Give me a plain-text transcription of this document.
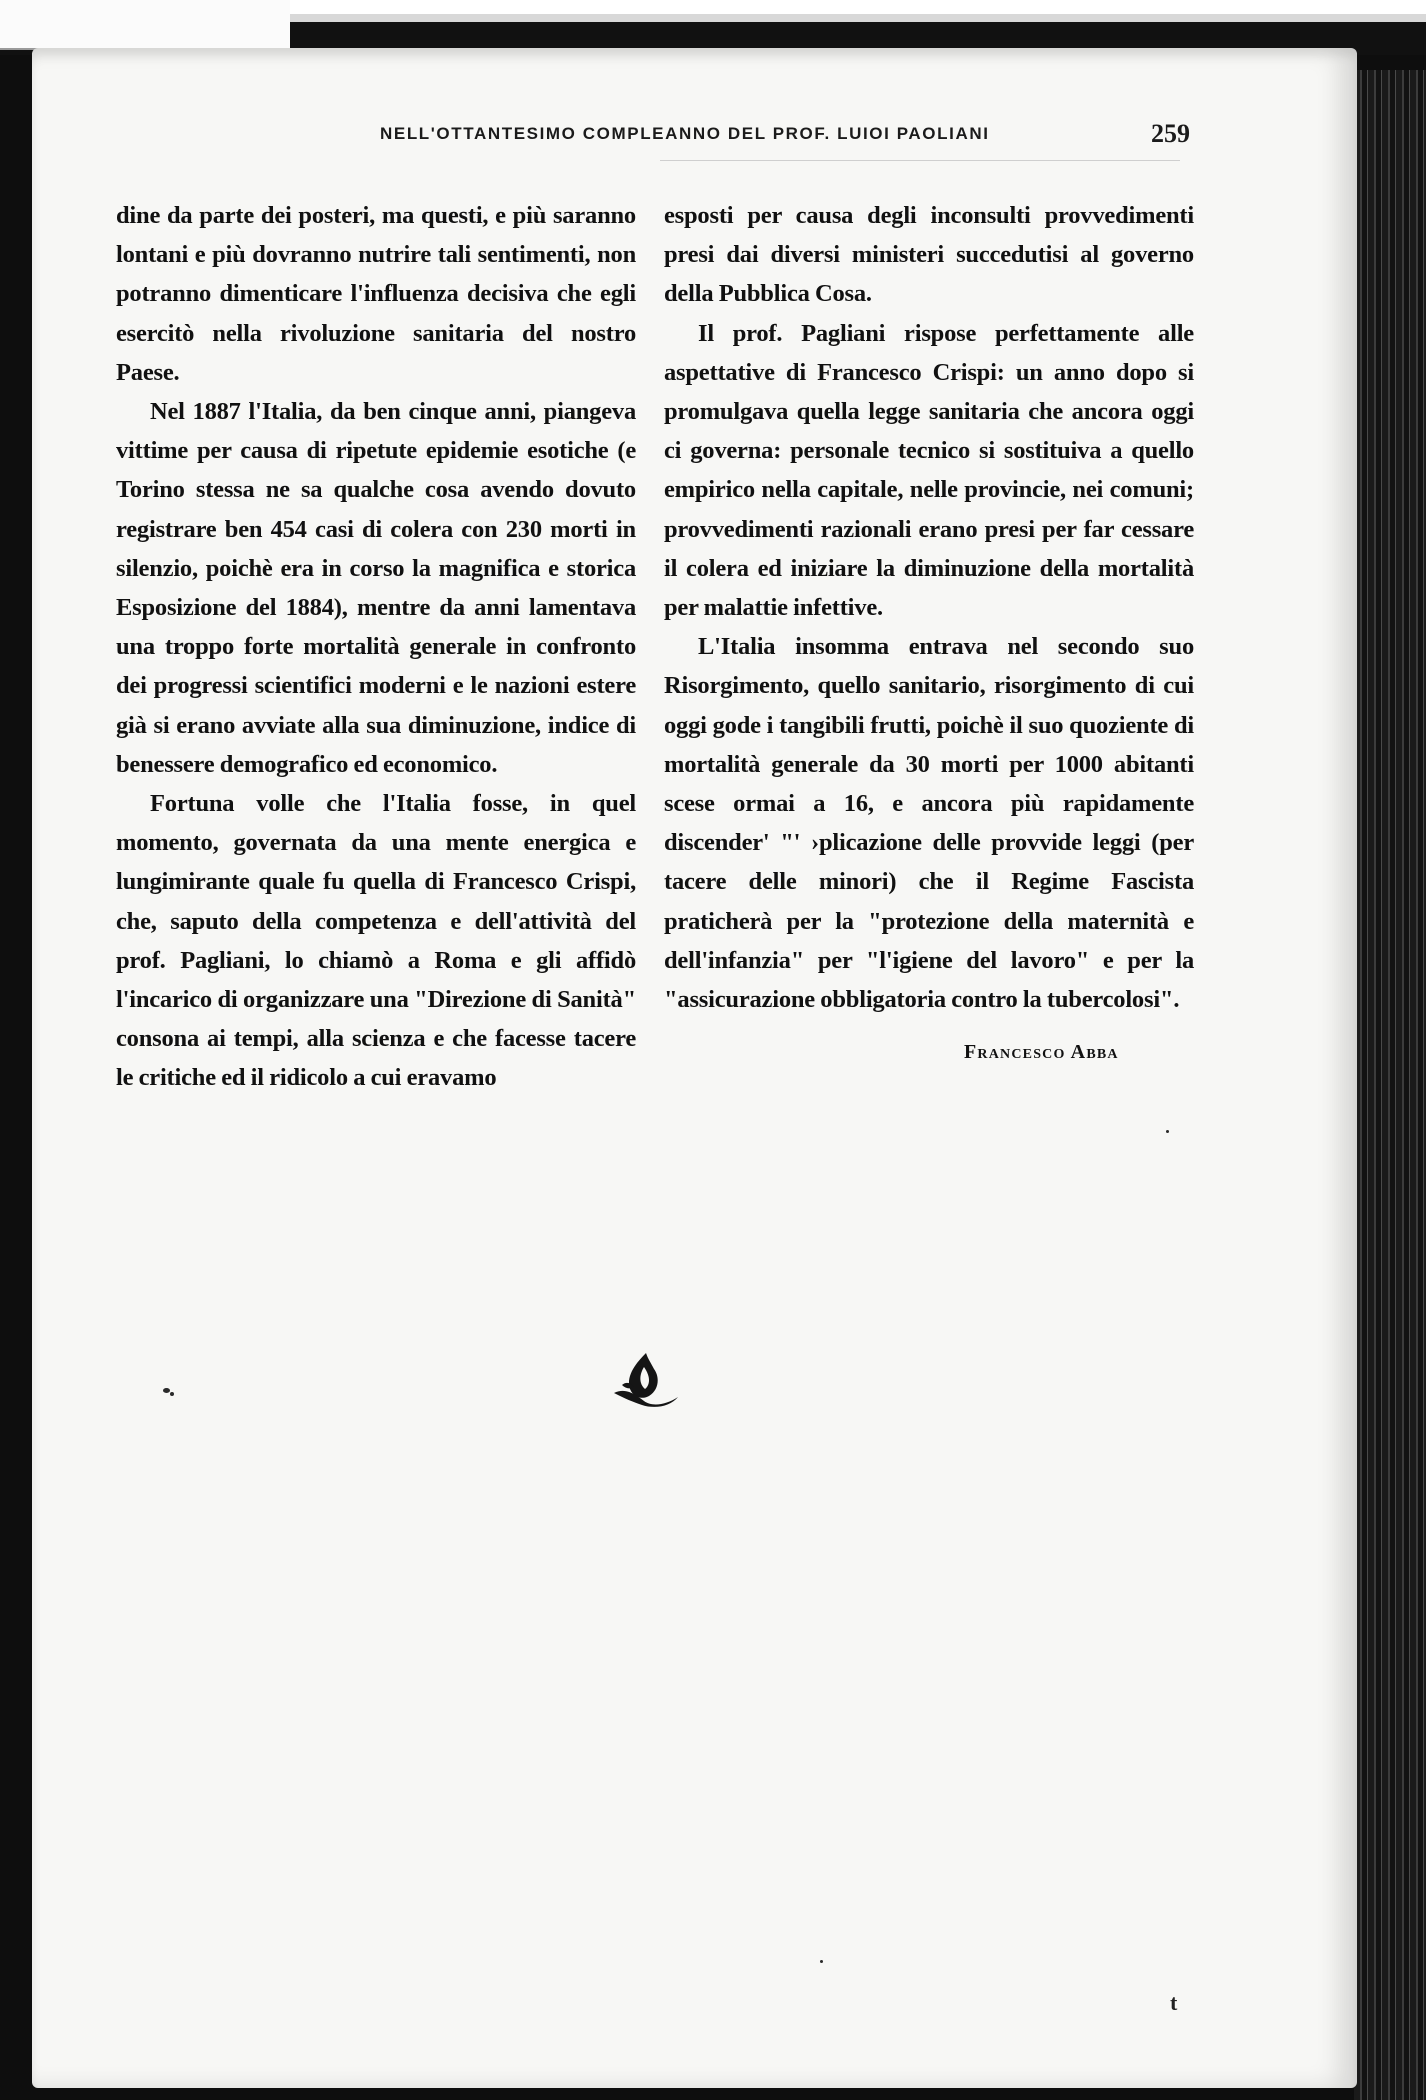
NELL'OTTANTESIMO COMPLEANNO DEL PROF. LUIOI PAOLIANI	259

dine da parte dei posteri, ma questi, e più saranno lontani e più dovranno nutrire tali sentimenti, non potranno dimenticare l'influenza decisiva che egli esercitò nella rivoluzione sanitaria del nostro Paese.

Nel 1887 l'Italia, da ben cinque anni, piangeva vittime per causa di ripetute epidemie esotiche (e Torino stessa ne sa qualche cosa avendo dovuto registrare ben 454 casi di colera con 230 morti in silenzio, poichè era in corso la magnifica e storica Esposizione del 1884), mentre da anni lamentava una troppo forte mortalità generale in confronto dei progressi scientifici moderni e le nazioni estere già si erano avviate alla sua diminuzione, indice di benessere demografico ed economico.

Fortuna volle che l'Italia fosse, in quel momento, governata da una mente energica e lungimirante quale fu quella di Francesco Crispi, che, saputo della competenza e dell'attività del prof. Pagliani, lo chiamò a Roma e gli affidò l'incarico di organizzare una "Direzione di Sanità" consona ai tempi, alla scienza e che facesse tacere le critiche ed il ridicolo a cui eravamo

esposti per causa degli inconsulti provvedimenti presi dai diversi ministeri succedutisi al governo della Pubblica Cosa.

Il prof. Pagliani rispose perfettamente alle aspettative di Francesco Crispi: un anno dopo si promulgava quella legge sanitaria che ancora oggi ci governa: personale tecnico si sostituiva a quello empirico nella capitale, nelle provincie, nei comuni; provvedimenti razionali erano presi per far cessare il colera ed iniziare la diminuzione della mortalità per malattie infettive.

L'Italia insomma entrava nel secondo suo Risorgimento, quello sanitario, risorgimento di cui oggi gode i tangibili frutti, poichè il suo quoziente di mortalità generale da 30 morti per 1000 abitanti scese ormai a 16, e ancora più rapidamente discender' "' ›plicazione delle provvide leggi (per tacere delle minori) che il Regime Fascista praticherà per la "protezione della maternità e dell'infanzia" per "l'igiene del lavoro" e per la "assicurazione obbligatoria contro la tubercolosi".

Francesco Abba
t
